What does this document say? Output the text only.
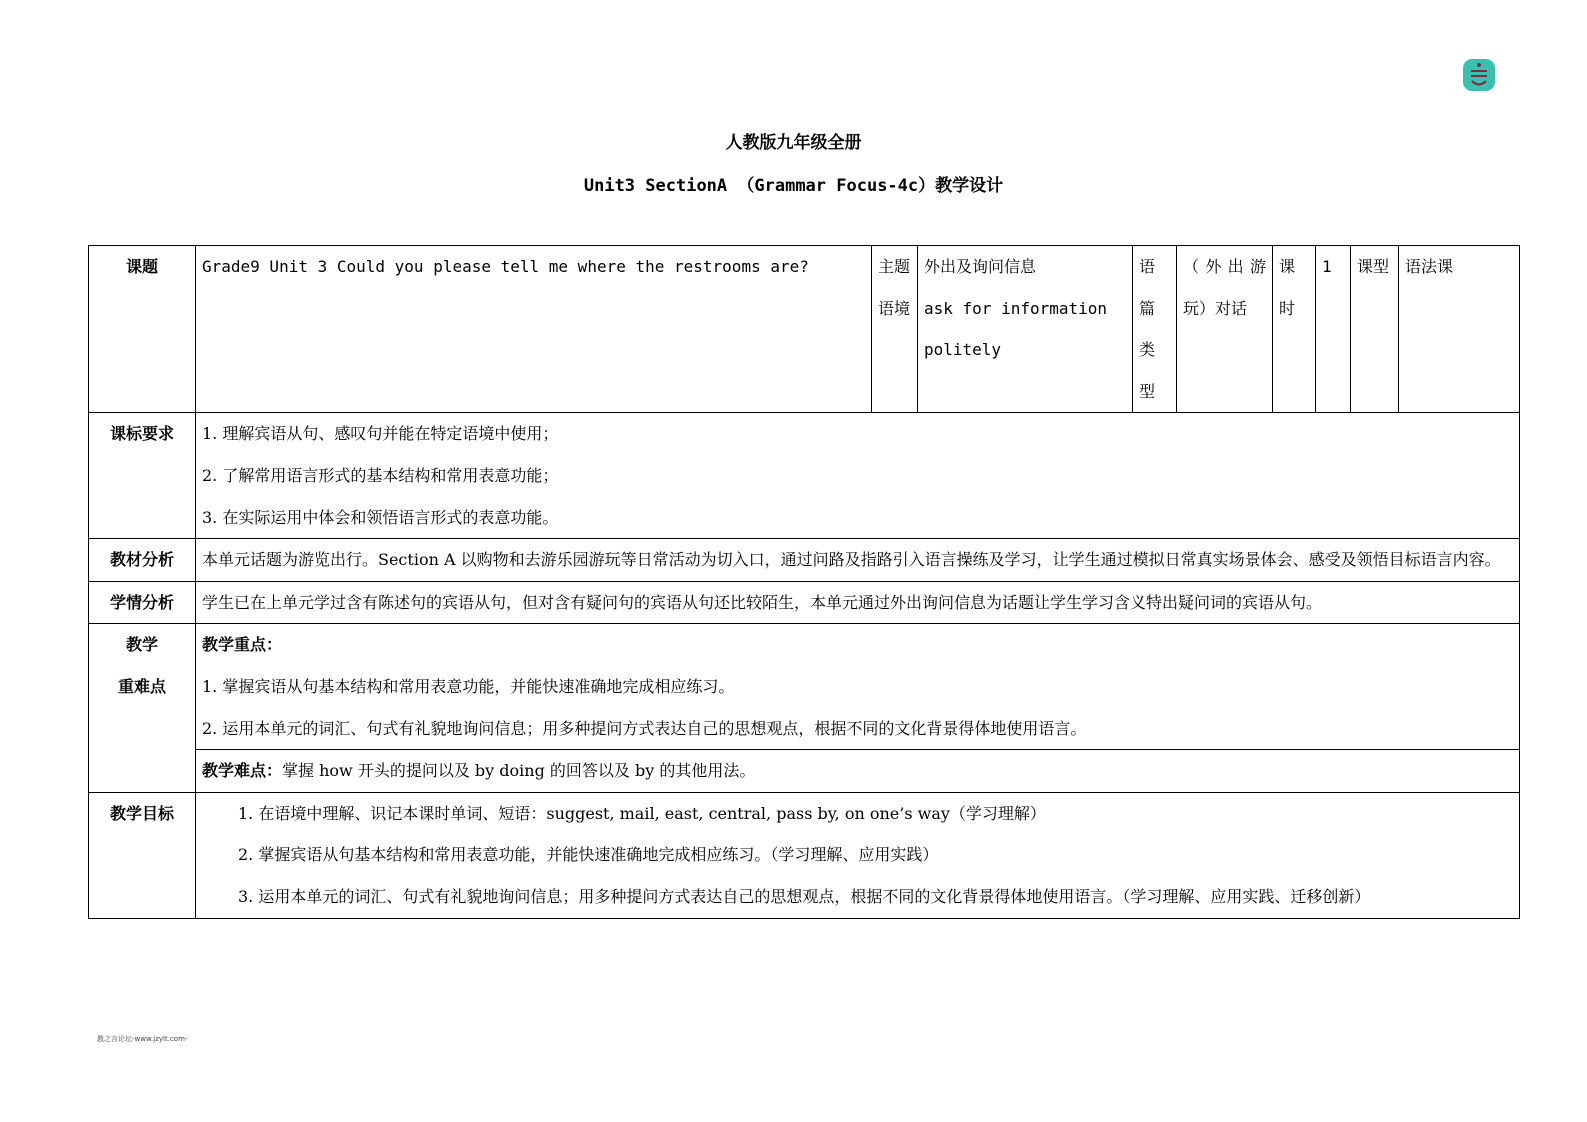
人教版九年级全册
Unit3 SectionA （Grammar Focus-4c）教学设计
课题	Grade9 Unit 3 Could you please tell me where the restrooms are?	主题语境	外出及询问信息
ask for information politely	语篇类型	（外出游玩）对话	课时	1	课型	语法课
课标要求	1. 理解宾语从句、感叹句并能在特定语境中使用；
2. 了解常用语言形式的基本结构和常用表意功能；
3. 在实际运用中体会和领悟语言形式的表意功能。								

教材分析	本单元话题为游览出行。Section A 以购物和去游乐园游玩等日常活动为切入口，通过问路及指路引入语言操练及学习，让学生通过模拟日常真实场景体会、感受及领悟目标语言内容。								
学情分析	学生已在上单元学过含有陈述句的宾语从句，但对含有疑问句的宾语从句还比较陌生，本单元通过外出询问信息为话题让学生学习含义特出疑问词的宾语从句。								

教学
重难点	教学重点：
1. 掌握宾语从句基本结构和常用表意功能，并能快速准确地完成相应练习。
2. 运用本单元的词汇、句式有礼貌地询问信息；用多种提问方式表达自己的思想观点，根据不同的文化背景得体地使用语言。								

	教学难点：掌握 how 开头的提问以及 by doing 的回答以及 by 的其他用法。								
教学目标	1. 在语境中理解、识记本课时单词、短语：suggest, mail, east, central, pass by, on one’s way（学习理解）
2. 掌握宾语从句基本结构和常用表意功能，并能快速准确地完成相应练习。（学习理解、应用实践）
3. 运用本单元的词汇、句式有礼貌地询问信息；用多种提问方式表达自己的思想观点，根据不同的文化背景得体地使用语言。（学习理解、应用实践、迁移创新）								
教之言论坛-www.jzylt.com-
